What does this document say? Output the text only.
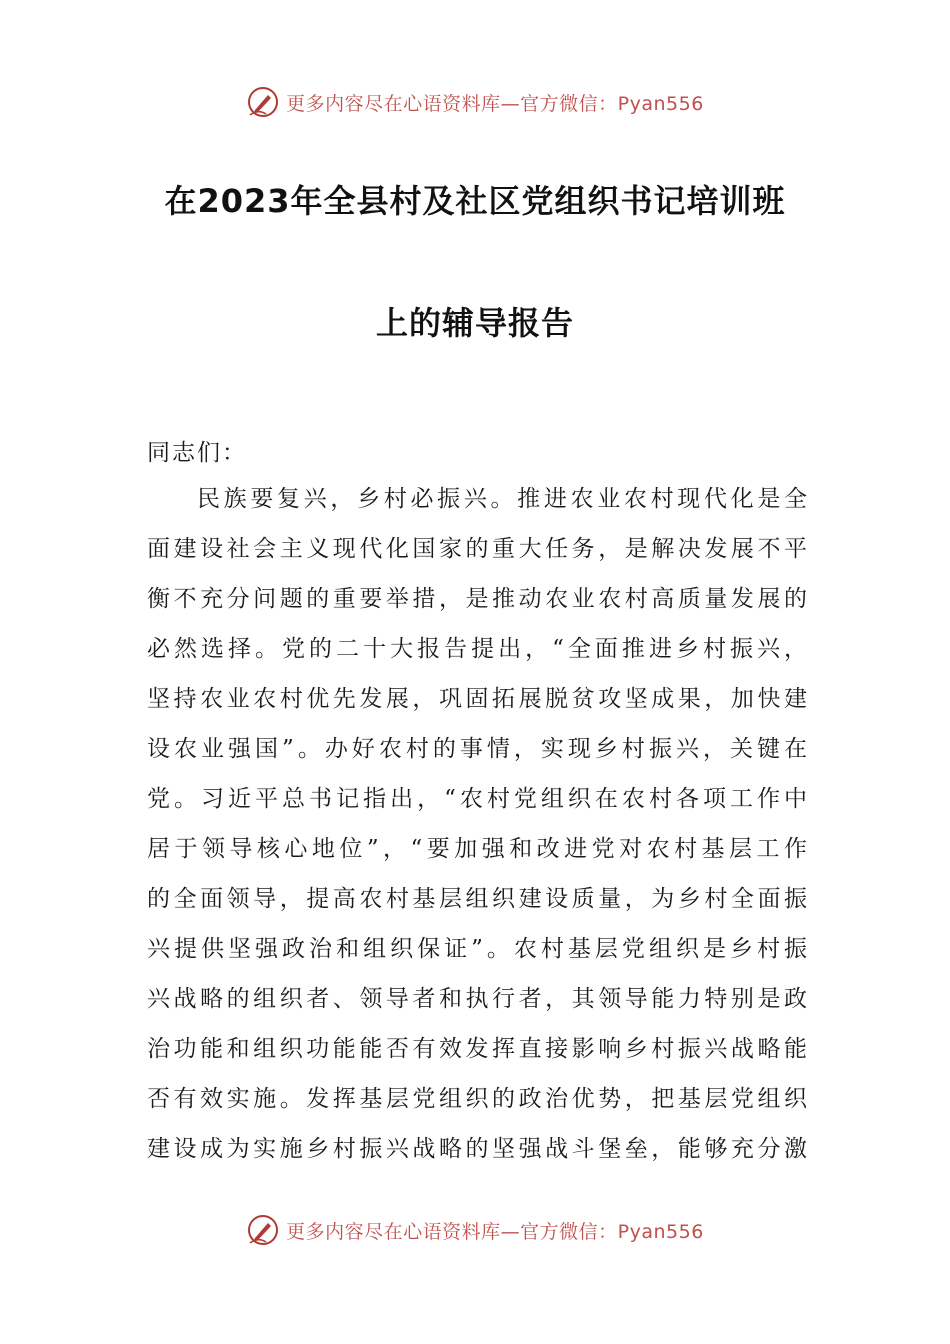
更多内容尽在心语资料库—官方微信：Pyan556
在2023年全县村及社区党组织书记培训班
上的辅导报告
同志们：
民族要复兴，乡村必振兴。推进农业农村现代化是全
面建设社会主义现代化国家的重大任务，是解决发展不平
衡不充分问题的重要举措，是推动农业农村高质量发展的
必然选择。党的二十大报告提出，“全面推进乡村振兴，
坚持农业农村优先发展，巩固拓展脱贫攻坚成果，加快建
设农业强国”。办好农村的事情，实现乡村振兴，关键在
党。习近平总书记指出，“农村党组织在农村各项工作中
居于领导核心地位”，“要加强和改进党对农村基层工作
的全面领导，提高农村基层组织建设质量，为乡村全面振
兴提供坚强政治和组织保证”。农村基层党组织是乡村振
兴战略的组织者、领导者和执行者，其领导能力特别是政
治功能和组织功能能否有效发挥直接影响乡村振兴战略能
否有效实施。发挥基层党组织的政治优势，把基层党组织
建设成为实施乡村振兴战略的坚强战斗堡垒，能够充分激
更多内容尽在心语资料库—官方微信：Pyan556
